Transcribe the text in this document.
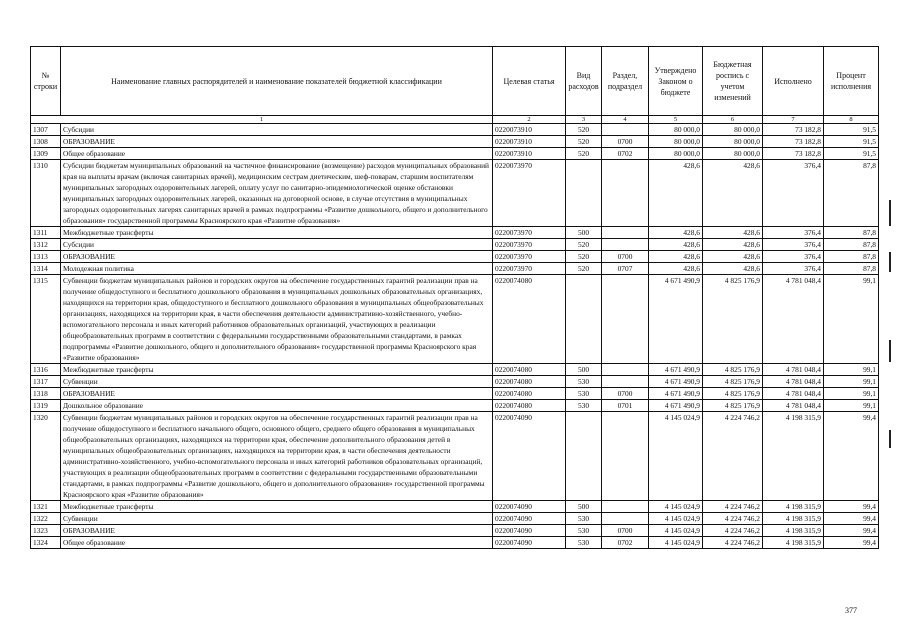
№ строки	Наименование главных распорядителей и наименование показателей бюджетной классификации	Целевая статья	Вид расходов	Раздел, подраздел	Утверждено Законом о бюджете	Бюджетная роспись с учетом изменений	Исполнено	Процент исполнения
1		2	3	4	5	6	7	8
1307	Субсидии	0220073910	520		80 000,0	80 000,0	73 182,8	91,5
1308	ОБРАЗОВАНИЕ	0220073910	520	0700	80 000,0	80 000,0	73 182,8	91,5
1309	Общее образование	0220073910	520	0702	80 000,0	80 000,0	73 182,8	91,5
1310	Субсидии бюджетам муниципальных образований на частичное финансирование (возмещение) расходов муниципальных образований края на выплаты врачам (включая санитарных врачей), медицинским сестрам диетическим, шеф-поварам, старшим воспитателям муниципальных загородных оздоровительных лагерей, оплату услуг по санитарно-эпидемиологической оценке обстановки муниципальных загородных оздоровительных лагерей, оказанных на договорной основе, в случае отсутствия в муниципальных загородных оздоровительных лагерях санитарных врачей в рамках подпрограммы «Развитие дошкольного, общего и дополнительного образования» государственной программы Красноярского края «Развитие образования»	0220073970			428,6	428,6	376,4	87,8
1311	Межбюджетные трансферты	0220073970	500		428,6	428,6	376,4	87,8
1312	Субсидии	0220073970	520		428,6	428,6	376,4	87,8
1313	ОБРАЗОВАНИЕ	0220073970	520	0700	428,6	428,6	376,4	87,8
1314	Молодежная политика	0220073970	520	0707	428,6	428,6	376,4	87,8
1315	Субвенции бюджетам муниципальных районов и городских округов на обеспечение государственных гарантий реализации прав на получение общедоступного и бесплатного дошкольного образования в муниципальных дошкольных образовательных организациях, находящихся на территории края, общедоступного и бесплатного дошкольного образования в муниципальных общеобразовательных организациях, находящихся на территории края, в части обеспечения деятельности административно-хозяйственного, учебно-вспомогательного персонала и иных категорий работников образовательных организаций, участвующих в реализации общеобразовательных программ в соответствии с федеральными государственными образовательными стандартами, в рамках подпрограммы «Развитие дошкольного, общего и дополнительного образования» государственной программы Красноярского края «Развитие образования»	0220074080			4 671 490,9	4 825 176,9	4 781 048,4	99,1
1316	Межбюджетные трансферты	0220074080	500		4 671 490,9	4 825 176,9	4 781 048,4	99,1
1317	Субвенции	0220074080	530		4 671 490,9	4 825 176,9	4 781 048,4	99,1
1318	ОБРАЗОВАНИЕ	0220074080	530	0700	4 671 490,9	4 825 176,9	4 781 048,4	99,1
1319	Дошкольное образование	0220074080	530	0701	4 671 490,9	4 825 176,9	4 781 048,4	99,1
1320	Субвенции бюджетам муниципальных районов и городских округов на обеспечение государственных гарантий реализации прав на получение общедоступного и бесплатного начального общего, основного общего, среднего общего образования в муниципальных общеобразовательных организациях, находящихся на территории края, обеспечение дополнительного образования детей в муниципальных общеобразовательных организациях, находящихся на территории края, в части обеспечения деятельности административно-хозяйственного, учебно-вспомогательного персонала и иных категорий работников образовательных организаций, участвующих в реализации общеобразовательных программ в соответствии с федеральными государственными образовательными стандартами, в рамках подпрограммы «Развитие дошкольного, общего и дополнительного образования» государственной программы Красноярского края «Развитие образования»	0220074090			4 145 024,9	4 224 746,2	4 198 315,9	99,4
1321	Межбюджетные трансферты	0220074090	500		4 145 024,9	4 224 746,2	4 198 315,9	99,4
1322	Субвенции	0220074090	530		4 145 024,9	4 224 746,2	4 198 315,9	99,4
1323	ОБРАЗОВАНИЕ	0220074090	530	0700	4 145 024,9	4 224 746,2	4 198 315,9	99,4
1324	Общее образование	0220074090	530	0702	4 145 024,9	4 224 746,2	4 198 315,9	99,4
377
